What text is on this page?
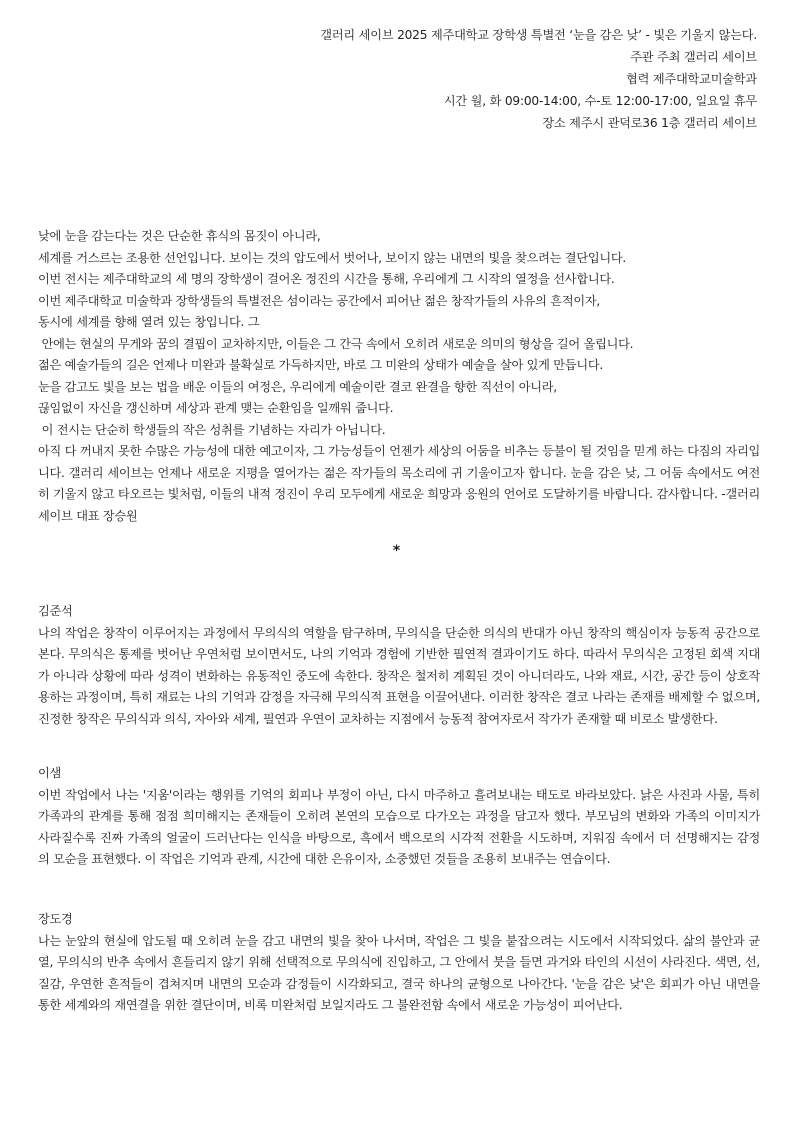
갤러리 세이브 2025 제주대학교 장학생 특별전 ‘눈을 감은 낮’ - 빛은 기울지 않는다.
주관 주최 갤러리 세이브
협력 제주대학교미술학과
시간 월, 화 09:00-14:00, 수-토 12:00-17:00, 일요일 휴무
장소 제주시 관덕로36 1층 갤러리 세이브
낮에 눈을 감는다는 것은 단순한 휴식의 몸짓이 아니라,
세계를 거스르는 조용한 선언입니다. 보이는 것의 압도에서 벗어나, 보이지 않는 내면의 빛을 찾으려는 결단입니다.
이번 전시는 제주대학교의 세 명의 장학생이 걸어온 정진의 시간을 통해, 우리에게 그 시작의 열정을 선사합니다.
이번 제주대학교 미술학과 장학생들의 특별전은 섬이라는 공간에서 피어난 젊은 창작가들의 사유의 흔적이자,
동시에 세계를 향해 열려 있는 창입니다. 그
안에는 현실의 무게와 꿈의 결핍이 교차하지만, 이들은 그 간극 속에서 오히려 새로운 의미의 형상을 길어 올립니다.
젊은 예술가들의 길은 언제나 미완과 불확실로 가득하지만, 바로 그 미완의 상태가 예술을 살아 있게 만듭니다.
눈을 감고도 빛을 보는 법을 배운 이들의 여정은, 우리에게 예술이란 결코 완결을 향한 직선이 아니라,
끊임없이 자신을 갱신하며 세상과 관계 맺는 순환임을 일깨워 줍니다.
이 전시는 단순히 학생들의 작은 성취를 기념하는 자리가 아닙니다.
아직 다 꺼내지 못한 수많은 가능성에 대한 예고이자, 그 가능성들이 언젠가 세상의 어둠을 비추는 등불이 될 것임을 믿게 하는 다짐의 자리입니다. 갤러리 세이브는 언제나 새로운 지평을 열어가는 젊은 작가들의 목소리에 귀 기울이고자 합니다. 눈을 감은 낮, 그 어둠 속에서도 여전히 기울지 않고 타오르는 빛처럼, 이들의 내적 정진이 우리 모두에게 새로운 희망과 응원의 언어로 도달하기를 바랍니다. 감사합니다. -갤러리 세이브 대표 장승원
*
김준석
나의 작업은 창작이 이루어지는 과정에서 무의식의 역할을 탐구하며, 무의식을 단순한 의식의 반대가 아닌 창작의 핵심이자 능동적 공간으로 본다. 무의식은 통제를 벗어난 우연처럼 보이면서도, 나의 기억과 경험에 기반한 필연적 결과이기도 하다. 따라서 무의식은 고정된 회색 지대가 아니라 상황에 따라 성격이 변화하는 유동적인 중도에 속한다. 창작은 철저히 계획된 것이 아니더라도, 나와 재료, 시간, 공간 등이 상호작용하는 과정이며, 특히 재료는 나의 기억과 감정을 자극해 무의식적 표현을 이끌어낸다. 이러한 창작은 결코 나라는 존재를 배제할 수 없으며, 진정한 창작은 무의식과 의식, 자아와 세계, 필연과 우연이 교차하는 지점에서 능동적 참여자로서 작가가 존재할 때 비로소 발생한다.
이샘
이번 작업에서 나는 '지움'이라는 행위를 기억의 회피나 부정이 아닌, 다시 마주하고 흘려보내는 태도로 바라보았다. 낡은 사진과 사물, 특히 가족과의 관계를 통해 점점 희미해지는 존재들이 오히려 본연의 모습으로 다가오는 과정을 담고자 했다. 부모님의 변화와 가족의 이미지가 사라질수록 진짜 가족의 얼굴이 드러난다는 인식을 바탕으로, 흑에서 백으로의 시각적 전환을 시도하며, 지워짐 속에서 더 선명해지는 감정의 모순을 표현했다. 이 작업은 기억과 관계, 시간에 대한 은유이자, 소중했던 것들을 조용히 보내주는 연습이다.
장도경
나는 눈앞의 현실에 압도될 때 오히려 눈을 감고 내면의 빛을 찾아 나서며, 작업은 그 빛을 붙잡으려는 시도에서 시작되었다. 삶의 불안과 균열, 무의식의 반추 속에서 흔들리지 않기 위해 선택적으로 무의식에 진입하고, 그 안에서 붓을 들면 과거와 타인의 시선이 사라진다. 색면, 선, 질감, 우연한 흔적들이 겹쳐지며 내면의 모순과 감정들이 시각화되고, 결국 하나의 균형으로 나아간다. '눈을 감은 낮'은 회피가 아닌 내면을 통한 세계와의 재연결을 위한 결단이며, 비록 미완처럼 보일지라도 그 불완전함 속에서 새로운 가능성이 피어난다.
